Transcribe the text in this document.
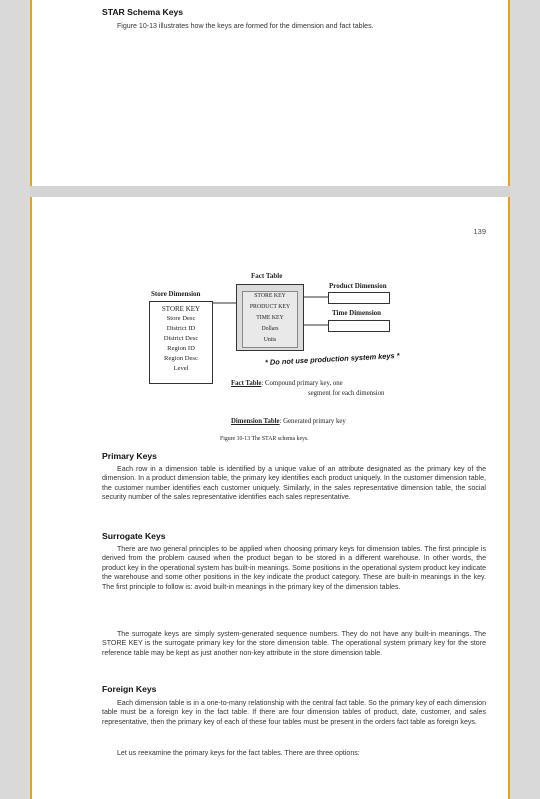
STAR Schema Keys

Figure 10-13 illustrates how the keys are formed for the dimension and fact tables.

139
Fact Table
STORE KEY
PRODUCT KEY
TIME KEY
Dollars
Units
Store Dimension
STORE KEY
Store Desc
District ID
District Desc
Region ID
Region Desc
Level
Product Dimension
Time Dimension
* Do not use production system keys *
Fact Table: Compound primary key, one
segment for each dimension
Dimension Table: Generated primary key
Figure 10-13 The STAR schema keys.

Primary Keys

Each row in a dimension table is identified by a unique value of an attribute designated as the primary key of the dimension. In a product dimension table, the primary key identifies each product uniquely. In the customer dimension table, the customer number identifies each customer uniquely. Similarly, in the sales representative dimension table, the social security number of the sales representative identifies each sales representative.

Surrogate Keys

There are two general principles to be applied when choosing primary keys for dimension tables. The first principle is derived from the problem caused when the product began to be stored in a different warehouse. In other words, the product key in the operational system has built-in meanings. Some positions in the operational system product key indicate the warehouse and some other positions in the key indicate the product category. These are built-in meanings in the key. The first principle to follow is: avoid built-in meanings in the primary key of the dimension tables.

The surrogate keys are simply system-generated sequence numbers. They do not have any built-in meanings. The STORE KEY is the surrogate primary key for the store dimension table. The operational system primary key for the store reference table may be kept as just another non-key attribute in the store dimension table.

Foreign Keys

Each dimension table is in a one-to-many relationship with the central fact table. So the primary key of each dimension table must be a foreign key in the fact table. If there are four dimension tables of product, date, customer, and sales representative, then the primary key of each of these four tables must be present in the orders fact table as foreign keys.

Let us reexamine the primary keys for the fact tables. There are three options:
